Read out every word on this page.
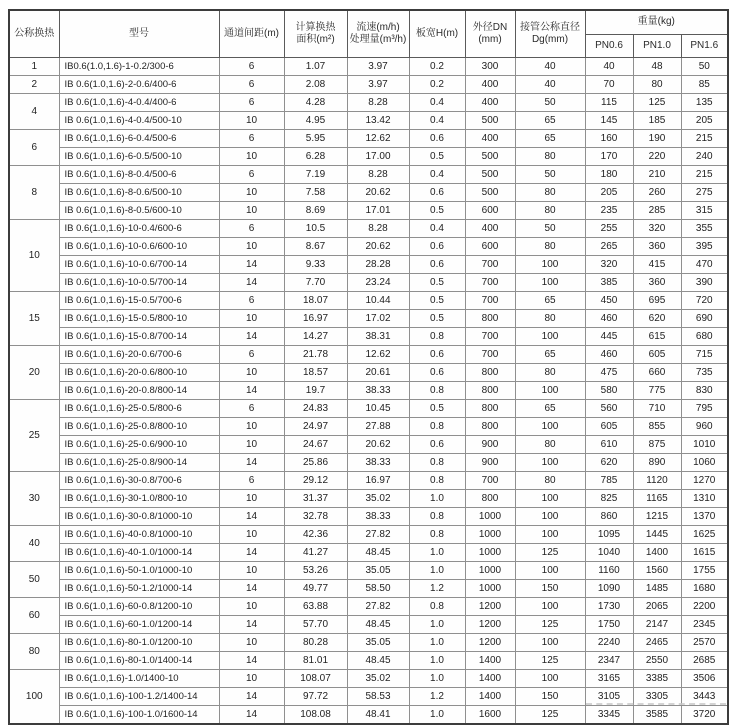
公称换热	型号	通道间距(m)	计算换热
面积(m²)	流速(m/h)
处理量(m³/h)	板宽H(m)	外径DN
(mm)	接管公称直径
Dg(mm)	重量(kg)		
								PN0.6	PN1.0	PN1.6
1	IB0.6(1.0,1.6)-1-0.2/300-6	6	1.07	3.97	0.2	300	40	40	48	50
2	IB 0.6(1.0,1.6)-2-0.6/400-6	6	2.08	3.97	0.2	400	40	70	80	85
4	IB 0.6(1.0,1.6)-4-0.4/400-6	6	4.28	8.28	0.4	400	50	115	125	135
	IB 0.6(1.0,1.6)-4-0.4/500-10	10	4.95	13.42	0.4	500	65	145	185	205
6	IB 0.6(1.0,1.6)-6-0.4/500-6	6	5.95	12.62	0.6	400	65	160	190	215
	IB 0.6(1.0,1.6)-6-0.5/500-10	10	6.28	17.00	0.5	500	80	170	220	240
8	IB 0.6(1.0,1.6)-8-0.4/500-6	6	7.19	8.28	0.4	500	50	180	210	215
	IB 0.6(1.0,1.6)-8-0.6/500-10	10	7.58	20.62	0.6	500	80	205	260	275
	IB 0.6(1.0,1.6)-8-0.5/600-10	10	8.69	17.01	0.5	600	80	235	285	315
10	IB 0.6(1.0,1.6)-10-0.4/600-6	6	10.5	8.28	0.4	400	50	255	320	355
	IB 0.6(1.0,1.6)-10-0.6/600-10	10	8.67	20.62	0.6	600	80	265	360	395
	IB 0.6(1.0,1.6)-10-0.6/700-14	14	9.33	28.28	0.6	700	100	320	415	470
	IB 0.6(1.0,1.6)-10-0.5/700-14	14	7.70	23.24	0.5	700	100	385	360	390
15	IB 0.6(1.0,1.6)-15-0.5/700-6	6	18.07	10.44	0.5	700	65	450	695	720
	IB 0.6(1.0,1.6)-15-0.5/800-10	10	16.97	17.02	0.5	800	80	460	620	690
	IB 0.6(1.0,1.6)-15-0.8/700-14	14	14.27	38.31	0.8	700	100	445	615	680
20	IB 0.6(1.0,1.6)-20-0.6/700-6	6	21.78	12.62	0.6	700	65	460	605	715
	IB 0.6(1.0,1.6)-20-0.6/800-10	10	18.57	20.61	0.6	800	80	475	660	735
	IB 0.6(1.0,1.6)-20-0.8/800-14	14	19.7	38.33	0.8	800	100	580	775	830
25	IB 0.6(1.0,1.6)-25-0.5/800-6	6	24.83	10.45	0.5	800	65	560	710	795
	IB 0.6(1.0,1.6)-25-0.8/800-10	10	24.97	27.88	0.8	800	100	605	855	960
	IB 0.6(1.0,1.6)-25-0.6/900-10	10	24.67	20.62	0.6	900	80	610	875	1010
	IB 0.6(1.0,1.6)-25-0.8/900-14	14	25.86	38.33	0.8	900	100	620	890	1060
30	IB 0.6(1.0,1.6)-30-0.8/700-6	6	29.12	16.97	0.8	700	80	785	1120	1270
	IB 0.6(1.0,1.6)-30-1.0/800-10	10	31.37	35.02	1.0	800	100	825	1165	1310
	IB 0.6(1.0,1.6)-30-0.8/1000-10	14	32.78	38.33	0.8	1000	100	860	1215	1370
40	IB 0.6(1.0,1.6)-40-0.8/1000-10	10	42.36	27.82	0.8	1000	100	1095	1445	1625
	IB 0.6(1.0,1.6)-40-1.0/1000-14	14	41.27	48.45	1.0	1000	125	1040	1400	1615
50	IB 0.6(1.0,1.6)-50-1.0/1000-10	10	53.26	35.05	1.0	1000	100	1160	1560	1755
	IB 0.6(1.0,1.6)-50-1.2/1000-14	14	49.77	58.50	1.2	1000	150	1090	1485	1680
60	IB 0.6(1.0,1.6)-60-0.8/1200-10	10	63.88	27.82	0.8	1200	100	1730	2065	2200
	IB 0.6(1.0,1.6)-60-1.0/1200-14	14	57.70	48.45	1.0	1200	125	1750	2147	2345
80	IB 0.6(1.0,1.6)-80-1.0/1200-10	10	80.28	35.05	1.0	1200	100	2240	2465	2570
	IB 0.6(1.0,1.6)-80-1.0/1400-14	14	81.01	48.45	1.0	1400	125	2347	2550	2685
100	IB 0.6(1.0,1.6)-1.0/1400-10	10	108.07	35.02	1.0	1400	100	3165	3385	3506
	IB 0.6(1.0,1.6)-100-1.2/1400-14	14	97.72	58.53	1.2	1400	150	3105	3305	3443
	IB 0.6(1.0,1.6)-100-1.0/1600-14	14	108.08	48.41	1.0	1600	125	3345	3585	3720
